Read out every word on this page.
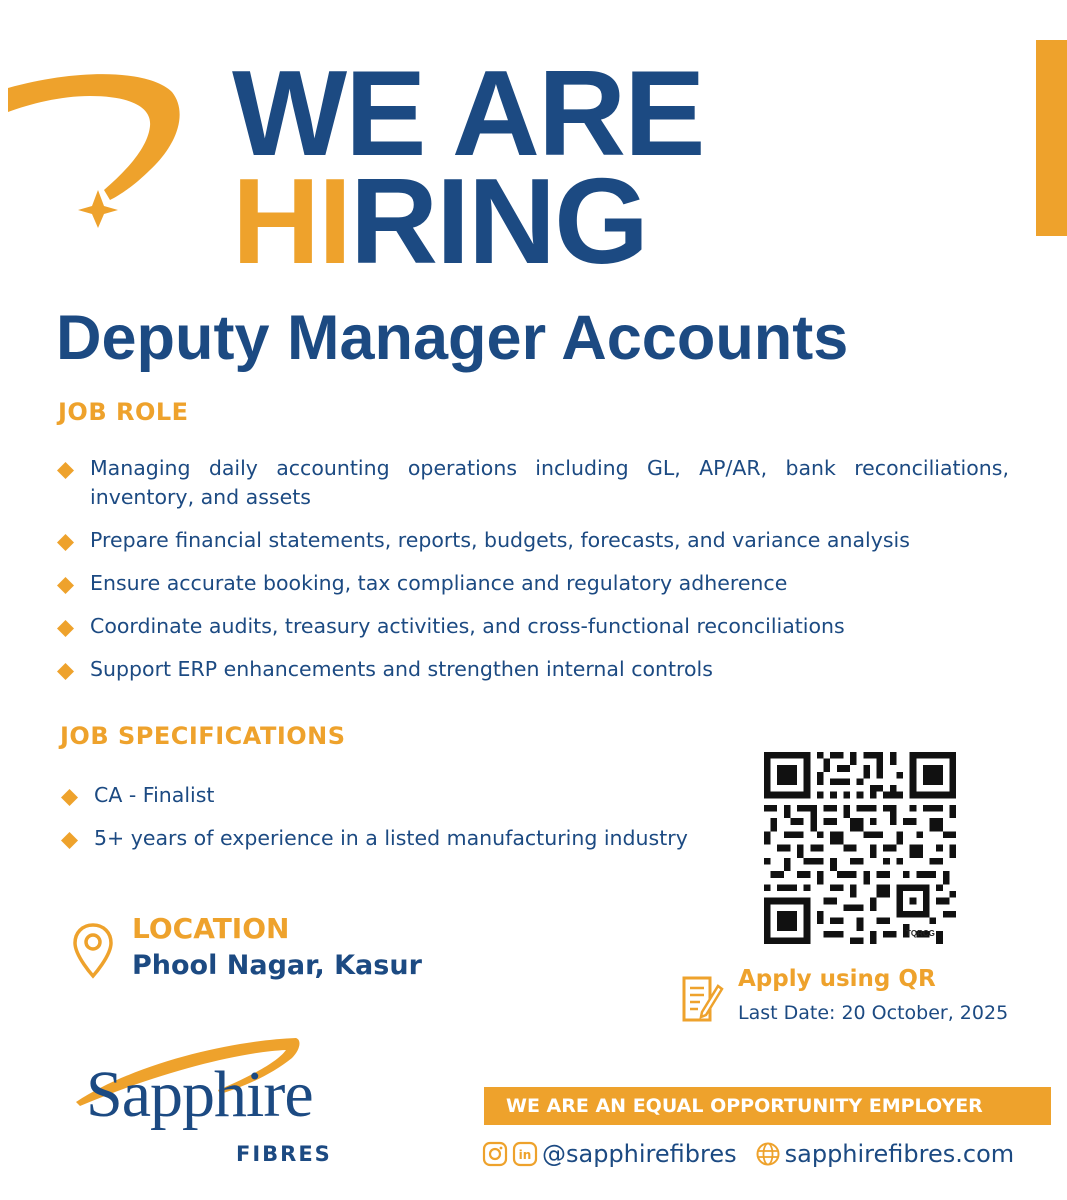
WE ARE
HIRING
Deputy Manager Accounts
JOB ROLE
Managing daily accounting operations including GL, AP/AR, bank reconciliations, inventory, and assets
Prepare financial statements, reports, budgets, forecasts, and variance analysis
Ensure accurate booking, tax compliance and regulatory adherence
Coordinate audits, treasury activities, and cross-functional reconciliations
Support ERP enhancements and strengthen internal controls
JOB SPECIFICATIONS
CA - Finalist
5+ years of experience in a listed manufacturing industry
LOCATION
Phool Nagar, Kasur
TQRCG
Apply using QR
Last Date: 20 October, 2025
Sapphire
FIBRES
WE ARE AN EQUAL OPPORTUNITY EMPLOYER
in @sapphirefibres sapphirefibres.com
